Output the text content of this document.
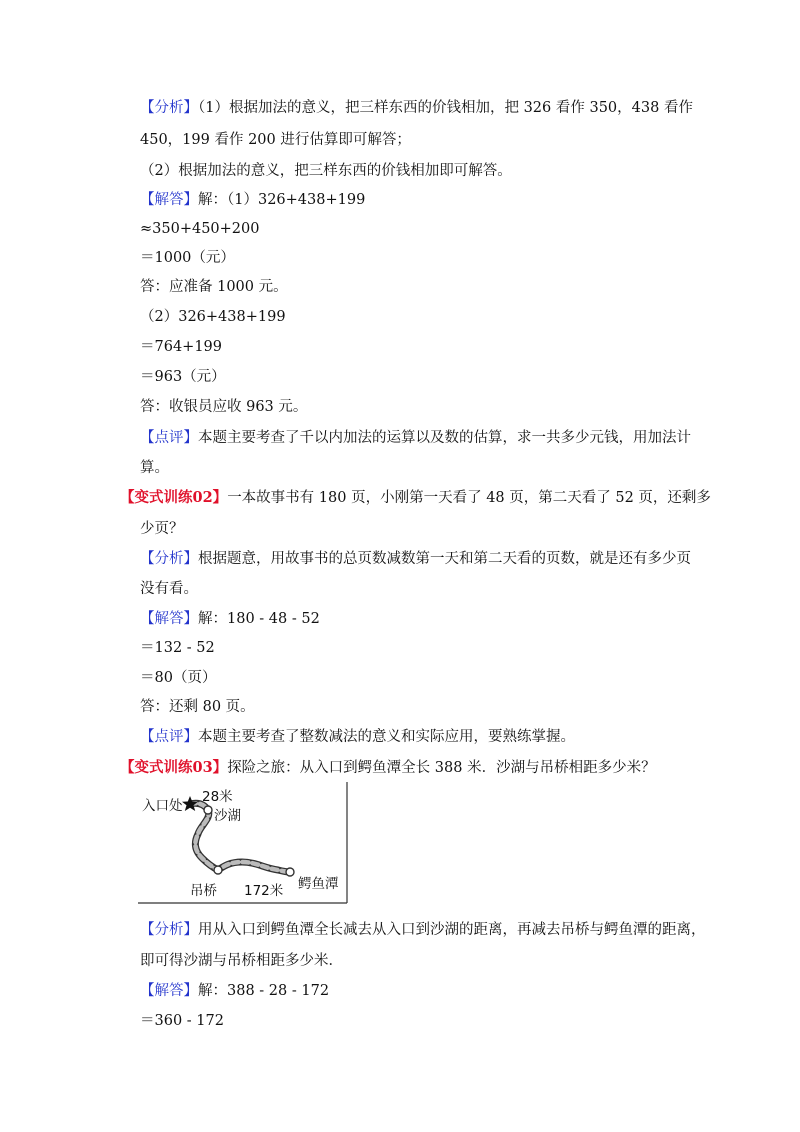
【分析】（1）根据加法的意义，把三样东西的价钱相加，把 326 看作 350，438 看作
450，199 看作 200 进行估算即可解答；
（2）根据加法的意义，把三样东西的价钱相加即可解答。
【解答】解：（1）326+438+199
≈350+450+200
＝1000（元）
答：应准备 1000 元。
（2）326+438+199
＝764+199
＝963（元）
答：收银员应收 963 元。
【点评】本题主要考查了千以内加法的运算以及数的估算，求一共多少元钱，用加法计
算。
【变式训练02】一本故事书有 180 页，小刚第一天看了 48 页，第二天看了 52 页，还剩多
少页？
【分析】根据题意，用故事书的总页数减数第一天和第二天看的页数，就是还有多少页
没有看。
【解答】解：180 - 48 - 52
＝132 - 52
＝80（页）
答：还剩 80 页。
【点评】本题主要考查了整数减法的意义和实际应用，要熟练掌握。
【变式训练03】探险之旅：从入口到鳄鱼潭全长 388 米．沙湖与吊桥相距多少米？
入口处
28米
沙湖
吊桥 172米 鳄鱼潭
【分析】用从入口到鳄鱼潭全长减去从入口到沙湖的距离，再减去吊桥与鳄鱼潭的距离，
即可得沙湖与吊桥相距多少米．
【解答】解：388 - 28 - 172
＝360 - 172
